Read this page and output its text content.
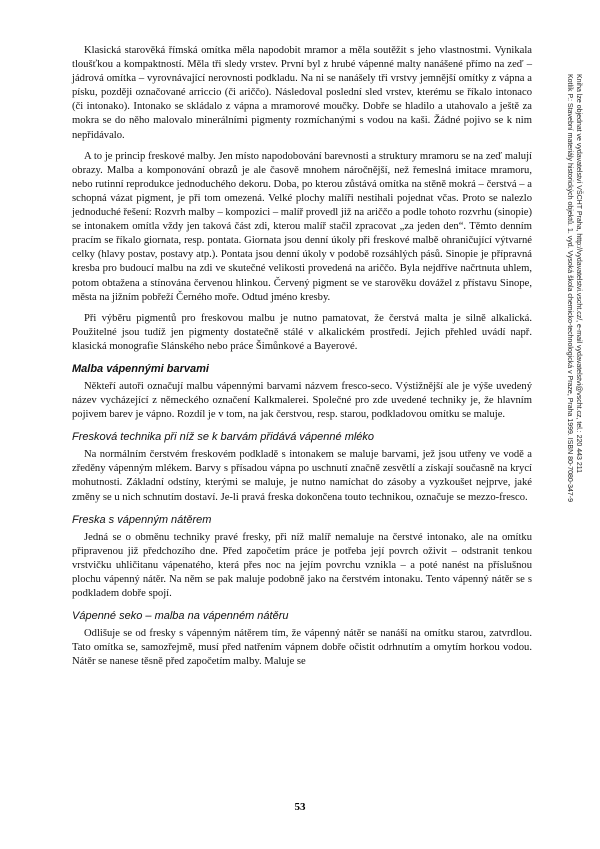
Klasická starověká římská omítka měla napodobit mramor a měla soutěžit s jeho vlastnostmi. Vynikala tloušťkou a kompaktností. Měla tři sledy vrstev. První byl z hrubé vápenné malty nanášené přímo na zeď – jádrová omítka – vyrovnávající nerovnosti podkladu. Na ni se nanášely tři vrstvy jemnější omítky z vápna a písku, později označované arriccio (či ariččo). Následoval poslední sled vrstev, kterému se říkalo intonaco (či intonako). Intonako se skládalo z vápna a mramorové moučky. Dobře se hladilo a utahovalo a ještě za mokra se do něho malovalo minerálními pigmenty rozmíchanými s vodou na kaši. Žádné pojivo se k nim nepřidávalo.

A to je princip freskové malby. Jen místo napodobování barevnosti a struktury mramoru se na zeď malují obrazy. Malba a komponování obrazů je ale časově mnohem náročnější, než řemeslná imitace mramoru, nebo rutinní reprodukce jednoduchého dekoru. Doba, po kterou zůstává omítka na stěně mokrá – čerstvá – a schopná vázat pigment, je při tom omezená. Velké plochy malíři nestihali pojednat včas. Proto se nalezlo jednoduché řešení: Rozvrh malby – kompozici – malíř provedl již na ariččo a podle tohoto rozvrhu (sinopie) se intonakem omítla vždy jen taková část zdi, kterou malíř stačil zpracovat „za jeden den“. Těmto denním pracím se říkalo giornata, resp. pontata. Giornata jsou denní úkoly při freskové malbě ohraničující výtvarné celky (hlavy postav, postavy atp.). Pontata jsou denní úkoly v podobě rozsáhlých pásů. Sinopie je přípravná kresba pro budoucí malbu na zdi ve skutečné velikosti provedená na ariččo. Byla nejdříve načrtnuta uhlem, potom obtažena a stínována červenou hlinkou. Červený pigment se ve starověku dovážel z přístavu Sinope, města na jižním pobřeží Černého moře. Odtud jméno kresby.

Při výběru pigmentů pro freskovou malbu je nutno pamatovat, že čerstvá malta je silně alkalická. Použitelné jsou tudíž jen pigmenty dostatečně stálé v alkalickém prostředí. Jejich přehled uvádí např. klasická monografie Slánského nebo práce Šimůnkové a Bayerové.

Malba vápennými barvami

Někteří autoři označují malbu vápennými barvami názvem fresco-seco. Výstižnější ale je výše uvedený název vycházející z německého označení Kalkmalerei. Společné pro zde uvedené techniky je, že hlavním pojivem barev je vápno. Rozdíl je v tom, na jak čerstvou, resp. starou, podkladovou omítku se maluje.

Fresková technika při níž se k barvám přidává vápenné mléko

Na normálním čerstvém freskovém podkladě s intonakem se maluje barvami, jež jsou utřeny ve vodě a zředěny vápenným mlékem. Barvy s přísadou vápna po uschnutí značně zesvětlí a získají současně na krycí mohutnosti. Základní odstíny, kterými se maluje, je nutno namíchat do zásoby a vyzkoušet nejprve, jaké změny se u nich schnutím dostaví. Je-li pravá freska dokončena touto technikou, označuje se mezzo-fresco.

Freska s vápenným nátěrem

Jedná se o obměnu techniky pravé fresky, při níž malíř nemaluje na čerstvé intonako, ale na omítku připravenou již předchozího dne. Před započetím práce je potřeba její povrch oživit – odstranit tenkou vrstvičku uhličitanu vápenatého, která přes noc na jejím povrchu vznikla – a poté nanést na příslušnou plochu vápenný nátěr. Na něm se pak maluje podobně jako na čerstvém intonaku. Tento vápenný nátěr se s podkladem dobře spojí.

Vápenné seko – malba na vápenném nátěru

Odlišuje se od fresky s vápenným nátěrem tím, že vápenný nátěr se nanáší na omítku starou, zatvrdlou. Tato omítka se, samozřejmě, musí před natřením vápnem dobře očistit odrhnutím a omytím horkou vodou. Nátěr se nanese těsně před započetím malby. Maluje se

53
Kotlík P.: Stavební materiály historických objektů. 1. vyd. Vysoká škola chemicko-technologická v Praze, Praha 1999. ISBN 80-7080-347-9 Kniha lze objednat ve vydavatelství VŠCHT Praha, http://vydavatelstvi.vscht.cz/, e-mail vydavatelstvi@vscht.cz, tel.: 220 443 211
